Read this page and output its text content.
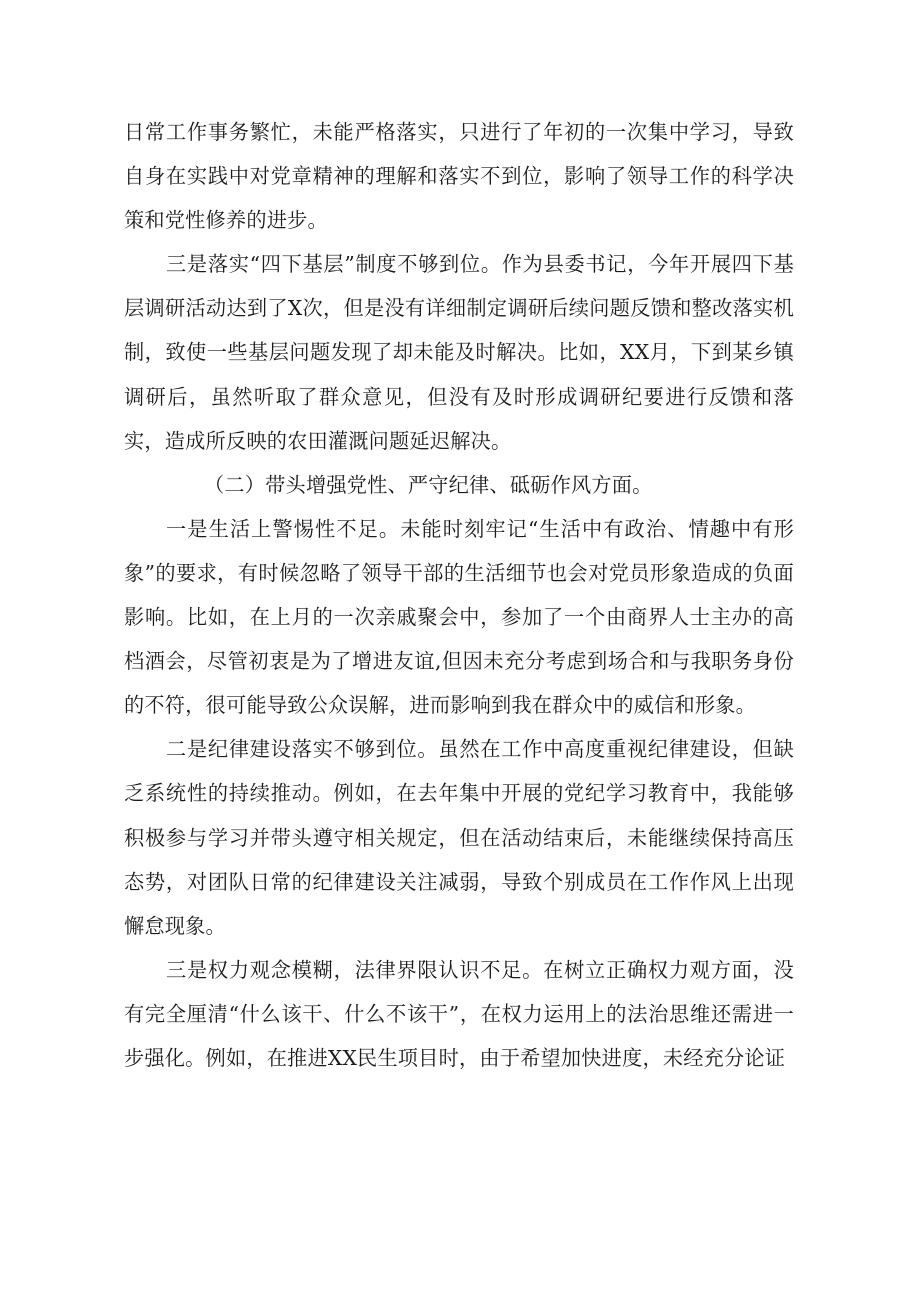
日常工作事务繁忙，未能严格落实，只进行了年初的一次集中学习，导致自身在实践中对党章精神的理解和落实不到位，影响了领导工作的科学决策和党性修养的进步。

三是落实“四下基层”制度不够到位。作为县委书记，今年开展四下基层调研活动达到了X次，但是没有详细制定调研后续问题反馈和整改落实机制，致使一些基层问题发现了却未能及时解决。比如，XX月，下到某乡镇调研后，虽然听取了群众意见，但没有及时形成调研纪要进行反馈和落实，造成所反映的农田灌溉问题延迟解决。

（二）带头增强党性、严守纪律、砥砺作风方面。

一是生活上警惕性不足。未能时刻牢记“生活中有政治、情趣中有形象”的要求，有时候忽略了领导干部的生活细节也会对党员形象造成的负面影响。比如，在上月的一次亲戚聚会中，参加了一个由商界人士主办的高档酒会，尽管初衷是为了增进友谊,但因未充分考虑到场合和与我职务身份的不符，很可能导致公众误解，进而影响到我在群众中的威信和形象。

二是纪律建设落实不够到位。虽然在工作中高度重视纪律建设，但缺乏系统性的持续推动。例如，在去年集中开展的党纪学习教育中，我能够积极参与学习并带头遵守相关规定，但在活动结束后，未能继续保持高压态势，对团队日常的纪律建设关注减弱，导致个别成员在工作作风上出现懈怠现象。

三是权力观念模糊，法律界限认识不足。在树立正确权力观方面，没有完全厘清“什么该干、什么不该干”，在权力运用上的法治思维还需进一步强化。例如，在推进XX民生项目时，由于希望加快进度，未经充分论证
